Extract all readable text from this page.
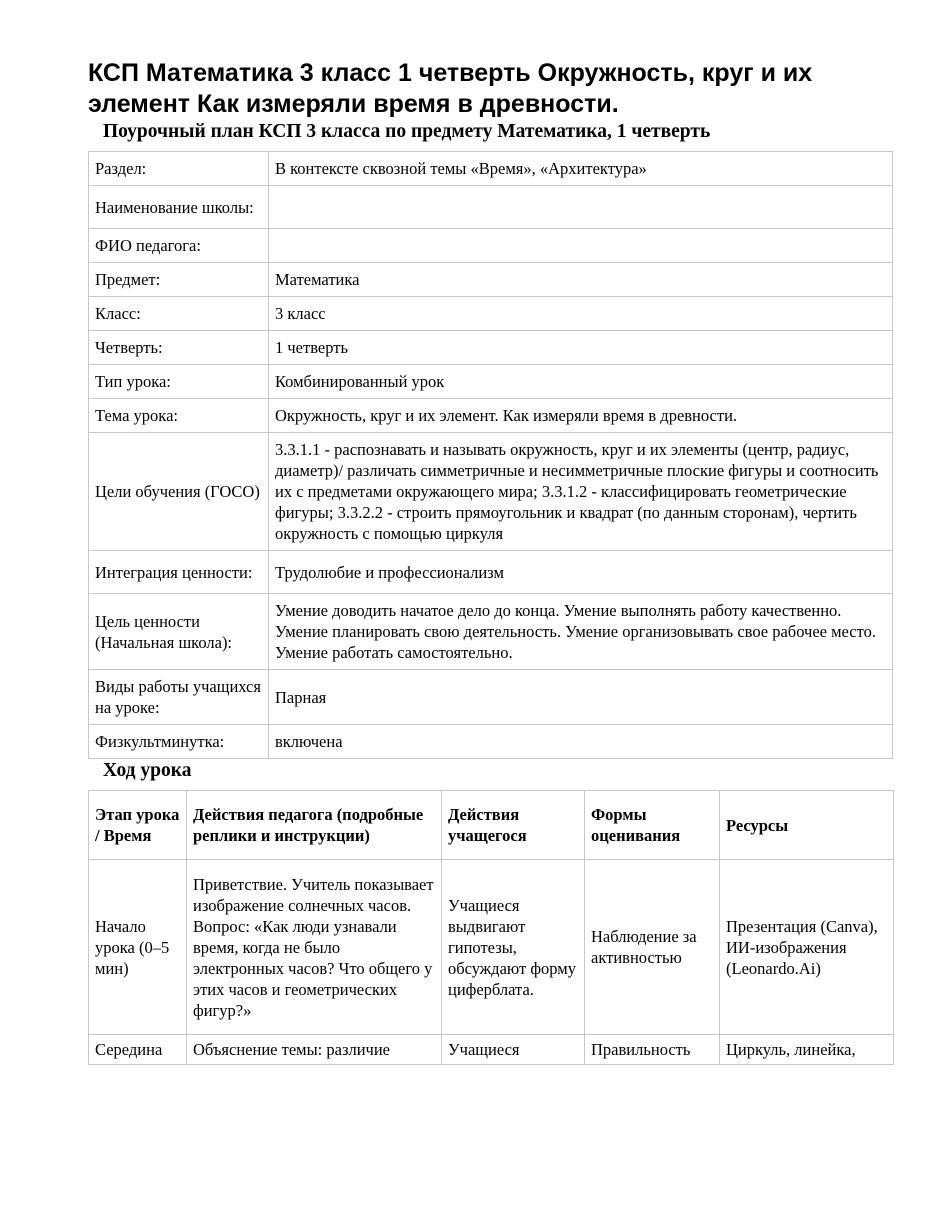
КСП Математика 3 класс 1 четверть Окружность, круг и их элемент Как измеряли время в древности.
Поурочный план КСП 3 класса по предмету Математика, 1 четверть
Раздел:	В контексте сквозной темы «Время», «Архитектура»
Наименование школы:	
ФИО педагога:	
Предмет:	Математика
Класс:	3 класс
Четверть:	1 четверть
Тип урока:	Комбинированный урок
Тема урока:	Окружность, круг и их элемент. Как измеряли время в древности.
Цели обучения (ГОСО)	3.3.1.1 - распознавать и называть окружность, круг и их элементы (центр, радиус, диаметр)/ различать симметричные и несимметричные плоские фигуры и соотносить их с предметами окружающего мира; 3.3.1.2 - классифицировать геометрические фигуры; 3.3.2.2 - строить прямоугольник и квадрат (по данным сторонам), чертить окружность с помощью циркуля
Интеграция ценности:	Трудолюбие и профессионализм
Цель ценности (Начальная школа):	Умение доводить начатое дело до конца. Умение выполнять работу качественно. Умение планировать свою деятельность. Умение организовывать свое рабочее место. Умение работать самостоятельно.
Виды работы учащихся на уроке:	Парная
Физкультминутка:	включена
Ход урока
Этап урока / Время	Действия педагога (подробные реплики и инструкции)	Действия учащегося	Формы оценивания	Ресурсы
Начало урока (0–5 мин)	Приветствие. Учитель показывает изображение солнечных часов. Вопрос: «Как люди узнавали время, когда не было электронных часов? Что общего у этих часов и геометрических фигур?»	Учащиеся выдвигают гипотезы, обсуждают форму циферблата.	Наблюдение за активностью	Презентация (Canva), ИИ-изображения (Leonardo.Ai)
Середина	Объяснение темы: различие	Учащиеся	Правильность	Циркуль, линейка,
